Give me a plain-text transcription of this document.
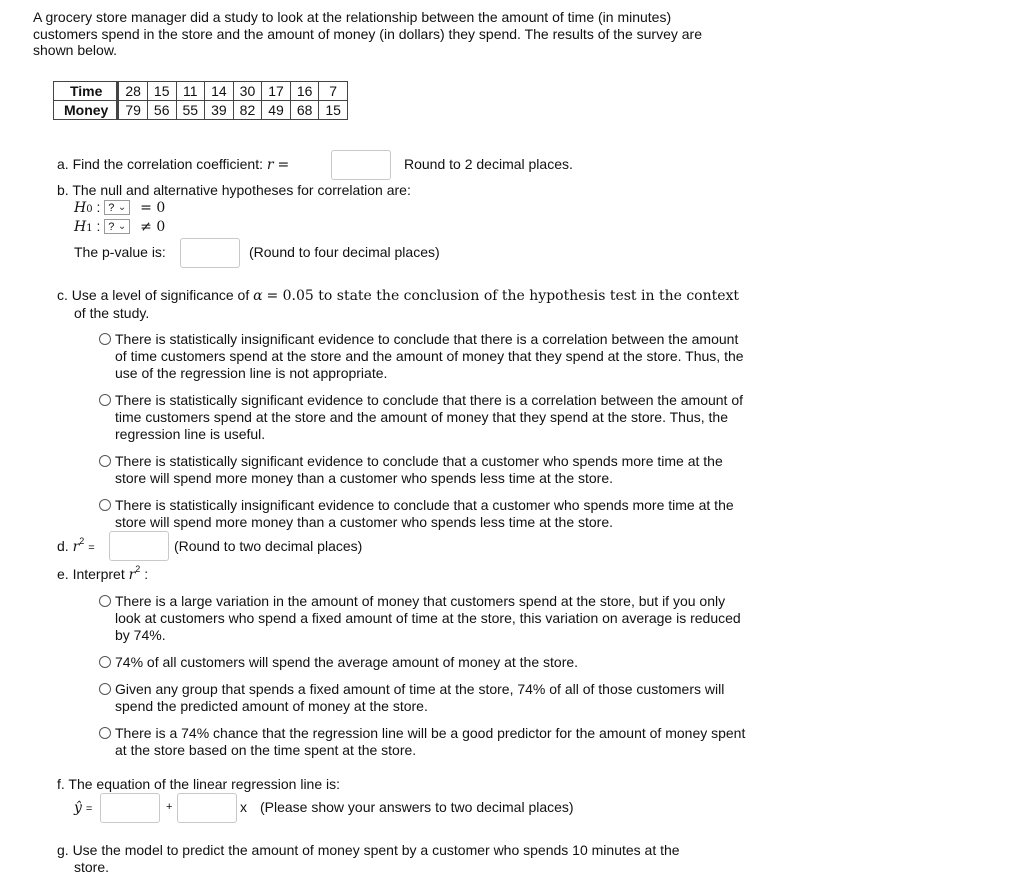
A grocery store manager did a study to look at the relationship between the amount of time (in minutes) customers spend in the store and the amount of money (in dollars) they spend. The results of the survey are shown below.
Time	28	15	11	14	30	17	16	7
Money	79	56	55	39	82	49	68	15
a. Find the correlation coefficient: r =	Round to 2 decimal places.
b. The null and alternative hypotheses for correlation are:
H0 : ? ⌄ = 0
H1 : ? ⌄ ≠ 0
The p-value is:	(Round to four decimal places)
c. Use a level of significance of α = 0.05 to state the conclusion of the hypothesis test in the context
of the study.
There is statistically insignificant evidence to conclude that there is a correlation between the amount of time customers spend at the store and the amount of money that they spend at the store. Thus, the use of the regression line is not appropriate.
There is statistically significant evidence to conclude that there is a correlation between the amount of time customers spend at the store and the amount of money that they spend at the store. Thus, the regression line is useful.
There is statistically significant evidence to conclude that a customer who spends more time at the store will spend more money than a customer who spends less time at the store.
There is statistically insignificant evidence to conclude that a customer who spends more time at the store will spend more money than a customer who spends less time at the store.
d. $r^2$ =	(Round to two decimal places)
e. Interpret $r^2$ :
There is a large variation in the amount of money that customers spend at the store, but if you only look at customers who spend a fixed amount of time at the store, this variation on average is reduced by 74%.
74% of all customers will spend the average amount of money at the store.
Given any group that spends a fixed amount of time at the store, 74% of all of those customers will spend the predicted amount of money at the store.
There is a 74% chance that the regression line will be a good predictor for the amount of money spent at the store based on the time spent at the store.
f. The equation of the linear regression line is:
ŷ =	+	x (Please show your answers to two decimal places)
g. Use the model to predict the amount of money spent by a customer who spends 10 minutes at the
store.
